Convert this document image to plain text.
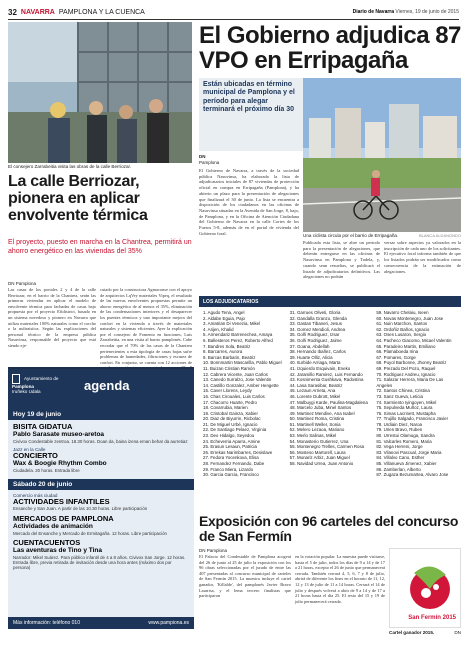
32 NAVARRA PAMPLONA Y LA CUENCA	Diario de Navarra Viernes, 19 de junio de 2015
El consejero Zarrabeitia visita las obras de la calle Berriozar.
La calle Berriozar, pionera en aplicar envolvente térmica
El proyecto, puesto en marcha en la Chantrea, permitirá un ahorro energético en las viviendas del 35%
DN Pamplona

Las casas de los portales 2 y 4 de la calle Berriozar, en el barrio de la Chantrea, serán las primeras viviendas en aplicar el modelo de envolvente térmica para fachadas de casas bajo propuesta por el proyecto Efidistrict, basado en un sistema novedoso y pionero en Navarra que utiliza materiales 100% naturales como el corcho o la nultraistica. Según las explicaciones del personal técnico de la empresa pública Nasuvinsa, responsable del proyecto que está siendo eje-

cutado por la constructora Agmaconse con el apoyo de arquitectos LqVey materiales Vipeq, el resultado de las nuevas envolventes propuestas permite un ahorro energético de al menos el 35%, eliminación de las condensaciones interiores y el desaparecer los puentes térmicos y una importante mejora del confort en la vivienda a través de materiales naturales y sistemas eficientes. Ayer la explicación por el consejero de Fomento en funciones, Luis Zarrabeitia, en una visita al barrio pamplonés. Cabe recordar que el 70% de las casas de la Chantrea pertenecientes a esta tipología de casas bajas sufre problemas de humedades, filtraciones y escasez de confort. En conjunto, se cuenta con 12 acciones de

Ayuntamiento de
Pamplona
Iruñeko Udala	agenda
Hoy 19 de junio
BISITA GIDATUA
Pablo Sarasate museo-aretoa
Civivox Condestable zentroa. 18.30 horas. Doan da, baina izena eman behar da aurretiaz
Jazz en la Calle
CONCIERTO
Wax & Boogie Rhythm Combo
Ciudadela. 20 horas. Entrada libre
Sábado 20 de junio
Comercio más ciudad
ACTIVIDADES INFANTILES
Ensanche y San Juan. A partir de las 10.30 horas. Libre participación
MERCADOS DE PAMPLONA
Actividades de animación
Mercado del Ensanche y Mercado de Ermitagaña. 12 horas. Libre participación
CUENTACUENTOS
Las aventuras de Tino y Tina
Narrador: Mikel Suárez. Para público infantil de 4 a 8 años. Civivox San Jorge. 12 horas. Entrada libre, previa retirada de invitación desde una hora antes (máximo dos por persona)
Más información: teléfono 010	www.pampiona.es
El Gobierno adjudica 87 VPO en Erripagaña
Están ubicadas en término municipal de Pamplona y el período para alegar terminará el próximo día 30
Una ciclista circula por el barrio de Erripagaña.	BLANCA ALDANONDO
DN
Pamplona

El Gobierno de Navarra, a través de la sociedad pública Nasuvinsa, ha elaborado la lista de adjudicatarios iniciales de 87 viviendas de protección oficial en compra en Erripagaña (Pamplona), y ha abierto un plazo para la presentación de alegaciones que finalizará el 30 de junio. La lista se encuentra a disposición de los ciudadanos en las oficinas de Nasuvinsa situadas en la Avenida de San Jorge, 8, bajo, de Pamplona, y en la Oficina de Atención Ciudadana del Gobierno de Navarra en la calle Cortes de los Fueros 5-8, además de en el portal de vivienda del Gobierno foral.

Publicada esta lista, se abre un periodo para la presentación de alegaciones, que deberán entregarse en las oficinas de Nasuvinsa en Pamplona y Tudela, y, cuando sean resueltas, se publicará el listado de adjudicatarios definitivos. Las alegaciones no podrán

versar sobre aspectos ya valorados en la inscripción de cada uno de los solicitantes. El ejecutivo foral informa también de que los listados podrán ser modificados como consecuencia de la estimación de alegaciones.

LOS ADJUDICATARIOS
1. Agudo Tena, Angel
2. Aldabe Eguia, Pajo
3. Amatrian Di Venezia, Mikel
4. Arijen, Khalid
5. Armendariz Barrenechea, Amaya
6. Ballesteros Perez, Roberto Alfred
7. Bandres Sola, Beatriz
8. Barcarres, Aurora
9. Barcas Barbarin, Beatriz
10. Bonnmartin Mascarilla, Pablo Miguel
11. Buizan Cristian Ramón
12. Cabrera Vicente, Juan Carlos
13. Canedo Iturralzo, Jose Valentin
14. Castillo Gonzalez, Amber Hengette
15. Caver Llorens, Leydy
16. Chas Cirouales, Luis Carlos
17. Chacorro Huarte, Pedro
18. Covarrubia, Marien
19. Cristobal Gainza, Xabier
20. Diaz de Biyurrin, Ricbolac
21. De Miguel Urbé, Ignacio
22. De Santiago Pelaez, Virginia
23. Deo Hidalgo, Seyedou
24. Echeverria Aparra, Amine
25. Erasun Lesaun, Patricia
26. Errekas Narimbarres, Desislave
27. Fedora Yocenkova, Elisa
28. Fernandez Fernando, Dabe
29. Franco Miera, Lizardo
30. Garcia Garcia, Francisco
31. Garrues Oliveti, Gloria
32. Gandalla Granzo, Glenda
33. Gastan Tibaneri, Jesus
34. Gomez Mendioli, Andrea
35. Goñi Rodriguez, Izsar
36. Goñi Rodriguez, Jaime
37. Goana, Abdellah
38. Hernando Ibañez, Carlos
39. Huarte Olliz, Alicia
40. Iturbide Arriaga, Marta
41. Izquierdo Esquivain, Eneko
42. Jaramillo Ramirez, Luis Fernando
43. Kosnimenta Gushkava, Radostina
44. Lasa Sarasibar, Beatriz
45. Lezaun Arrieta, Ana
46. Lorente Dubrott, Mikel
47. Malbuygi Karde, Paulina-Magdalena
48. Marcelo Juba, Minel Santos
49. Martinez Mendive, Ana Isabel
50. Martinez Roma, Cristina
51. Martinell Weller, Sonia
52. Melero Lezaoa, Mariano
53. Merlo Salinas, Mikel
54. Monasterio Gutierrez, Una
55. Montenegro Trelles, Carmen Rosa
56. Mosteso Martorell, Laura
57. Munariz Arbiz, Juan Miguel
58. Navidad Urrea, Juan Antonio
59. Navarro Chelaiu, Iseen
60. Novas Montenegro, Juan Jose
61. Nuin Marchon, Santos
62. Ordoñiz Baños, Ignacio
63. Oses Lusaron, Sergio
64. Pacheco Giacomo, Micael Valentin
65. Paradeiro Martin, Emiliano
66. Plamaboeda Irina
67. Pomares, Gorge
68. Puyol Barbonne, Jhonny Beatriz
69. Prezado Del Pozo, Raquel
70. Rodriguez Andreu, Ignacio
71. Salazar Herrera, Maria De Las Angeles
72. Santos Chinea, Cristina
73. Sanz Gueva, Leticia
74. Sarmiento Iyingoyen, Mikel
75. Sepulveda Muñoz, Laura
76. Simas Lacrinett, Mustapha
77. Trujillo Salgado, Francisco Javier
78. Urdiain Diez, Naroa
79. Urien Bravo, Ruben
80. Urrestui Olamuga, Sandra
81. Valcarles Romero, Maria
82. Vega Herreni, Jorge
83. Vilanovi Pascual, Jorge Maria
84. Villalvo Cano, Esther
85. Villanueva Jimenez, Xabier
86. Zamberlan, Alberto
87. Zugaza Bezumartea, Alvaro Jose
Exposición con 96 carteles del concurso de San Fermín
DN Pamplona

El Palacio del Condestable de Pamplona acogerá del 26 de junio al 25 de julio la exposición con los 96 obras seleccionadas por el jurado de entre las 407 presentadas al concurso municipal de carteles de San Fermín 2015. La muestra incluye el cartel ganador, 'Killalde', del pamplonés Javier Bravo Laurrisa, y el lema tercero finalistas que participaron

en la votación popular. La muestra puede visitarse, hasta el 5 de julio, todos los días de 9 a 14 y de 17 a 21 horas, excepto el 26 de junio que permanecerá cerrada. También cerrará 4, 5, 6, 7 y 8 de julio, abrirá de diferente los fines en el horario de 11, 12, 12 y 13 de julio de 11 a 14 horas. Cerrará el 14 de julio y después volverá a abrir de 9 a 14 y de 17 a 21 horas hasta el día 25. El resto del 15 y 19 de julio permanecerá cerrada.

San Fermín 2015
Cartel ganador 2015.	DN
